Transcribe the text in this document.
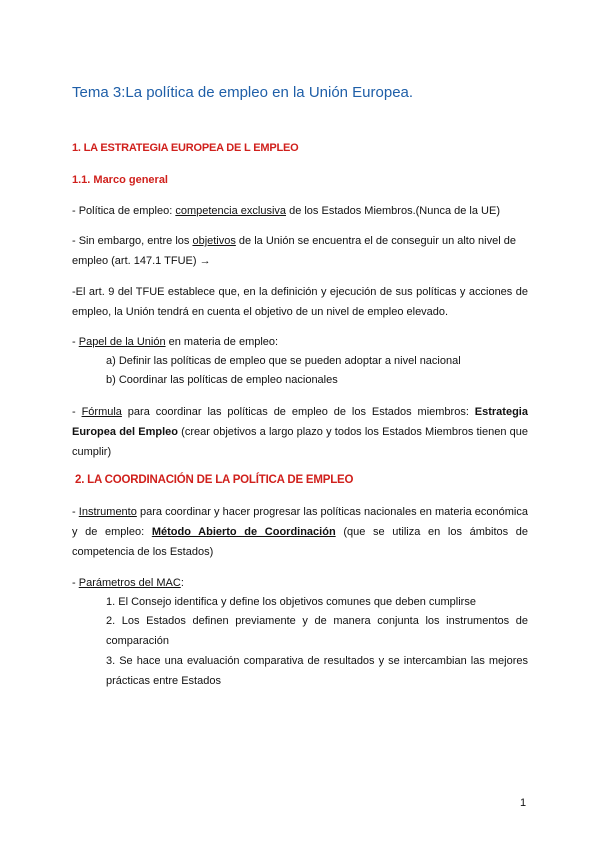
Tema 3:La política de empleo en la Unión Europea.
1. LA ESTRATEGIA EUROPEA DE L EMPLEO
1.1. Marco general
- Política de empleo: competencia exclusiva de los Estados Miembros.(Nunca de la UE)
- Sin embargo, entre los objetivos de la Unión se encuentra el de conseguir un alto nivel de empleo (art. 147.1 TFUE) →
-El art. 9 del TFUE establece que, en la definición y ejecución de sus políticas y acciones de empleo, la Unión tendrá en cuenta el objetivo de un nivel de empleo elevado.
- Papel de la Unión en materia de empleo:
a) Definir las políticas de empleo que se pueden adoptar a nivel nacional
b) Coordinar las políticas de empleo nacionales
- Fórmula para coordinar las políticas de empleo de los Estados miembros: Estrategia Europea del Empleo (crear objetivos a largo plazo y todos los Estados Miembros tienen que cumplir)
2. LA COORDINACIÓN DE LA POLÍTICA DE EMPLEO
- Instrumento para coordinar y hacer progresar las políticas nacionales en materia económica y de empleo: Método Abierto de Coordinación (que se utiliza en los ámbitos de competencia de los Estados)
- Parámetros del MAC:
1. El Consejo identifica y define los objetivos comunes que deben cumplirse
2. Los Estados definen previamente y de manera conjunta los instrumentos de comparación
3. Se hace una evaluación comparativa de resultados y se intercambian las mejores prácticas entre Estados
1
